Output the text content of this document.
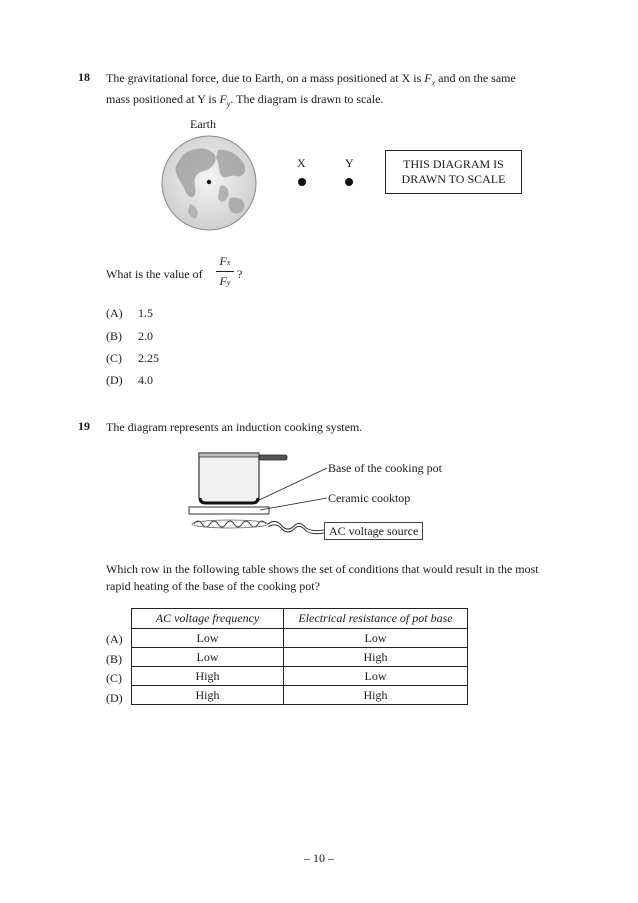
18 The gravitational force, due to Earth, on a mass positioned at X is $F_x$ and on the same
mass positioned at Y is $F_y$. The diagram is drawn to scale.
Earth
X	Y	THIS DIAGRAM IS
DRAWN TO SCALE
What is the value of
Fx
Fy
?
(A) 1.5
(B) 2.0
(C) 2.25
(D) 4.0
19 The diagram represents an induction cooking system.
Base of the cooking pot
Ceramic cooktop
AC voltage source
Which row in the following table shows the set of conditions that would result in the most
rapid heating of the base of the cooking pot?
AC voltage frequency	Electrical resistance of pot base
Low	Low
Low	High
High	Low
High	High
(A)
(B)
(C)
(D)
– 10 –
